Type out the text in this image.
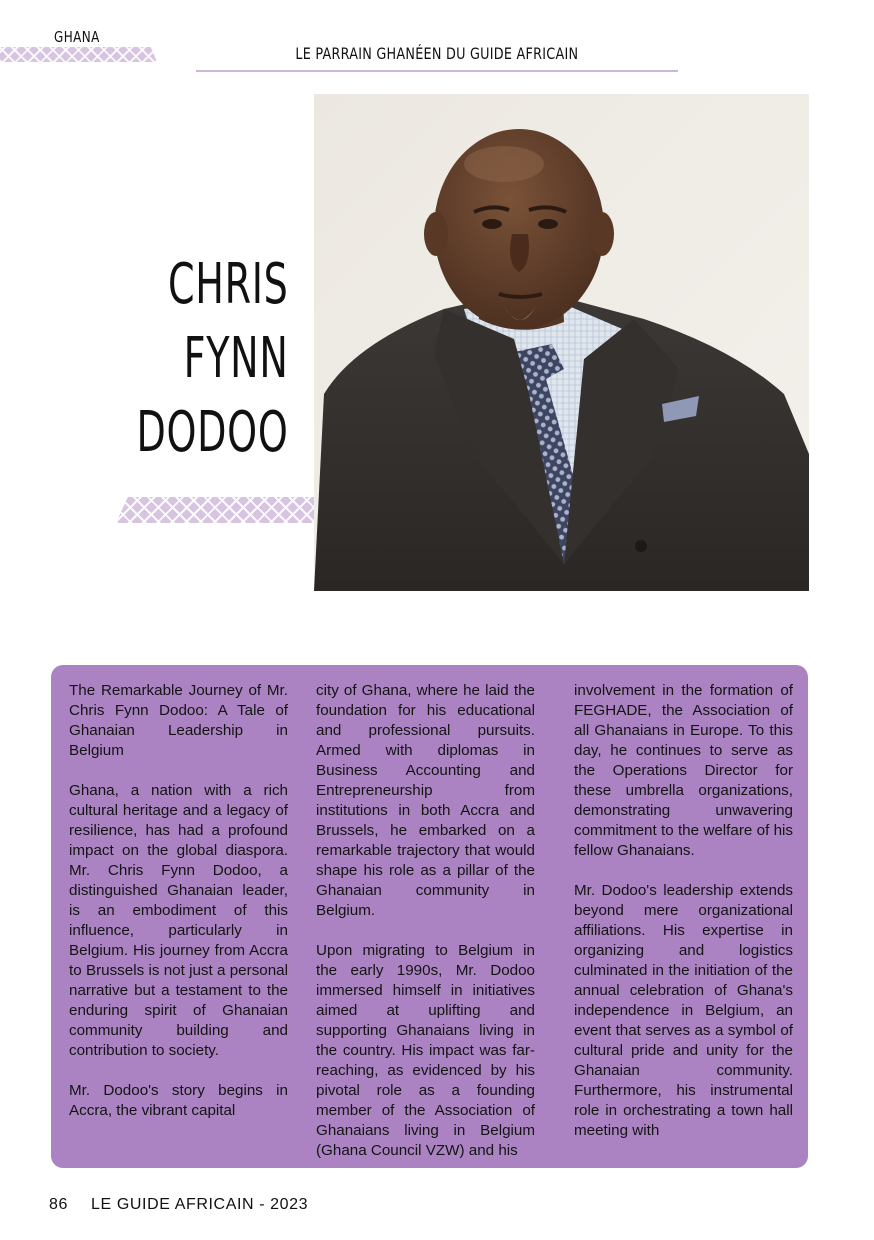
GHANA
LE PARRAIN GHANÉEN DU GUIDE AFRICAIN
CHRIS
FYNN
DODOO

The Remarkable Journey of Mr. Chris Fynn Dodoo: A Tale of Ghanaian Leadership in Belgium

Ghana, a nation with a rich cultural heritage and a legacy of resilience, has had a profound impact on the global diaspora. Mr. Chris Fynn Dodoo, a distinguished Ghanaian leader, is an embodiment of this influence, particularly in Belgium. His journey from Accra to Brussels is not just a personal narrative but a testament to the enduring spirit of Ghanaian community building and contribution to society.

Mr. Dodoo's story begins in Accra, the vibrant capital

city of Ghana, where he laid the foundation for his educational and professional pursuits. Armed with diplomas in Business Accounting and Entrepreneurship from institutions in both Accra and Brussels, he embarked on a remarkable trajectory that would shape his role as a pillar of the Ghanaian community in Belgium.

Upon migrating to Belgium in the early 1990s, Mr. Dodoo immersed himself in initiatives aimed at uplifting and supporting Ghanaians living in the country. His impact was far-reaching, as evidenced by his pivotal role as a founding member of the Association of Ghanaians living in Belgium (Ghana Council VZW) and his

involvement in the formation of FEGHADE, the Association of all Ghanaians in Europe. To this day, he continues to serve as the Operations Director for these umbrella organizations, demonstrating unwavering commitment to the welfare of his fellow Ghanaians.

Mr. Dodoo's leadership extends beyond mere organizational affiliations. His expertise in organizing and logistics culminated in the initiation of the annual celebration of Ghana's independence in Belgium, an event that serves as a symbol of cultural pride and unity for the Ghanaian community. Furthermore, his instrumental role in orchestrating a town hall meeting with

86 LE GUIDE AFRICAIN - 2023
